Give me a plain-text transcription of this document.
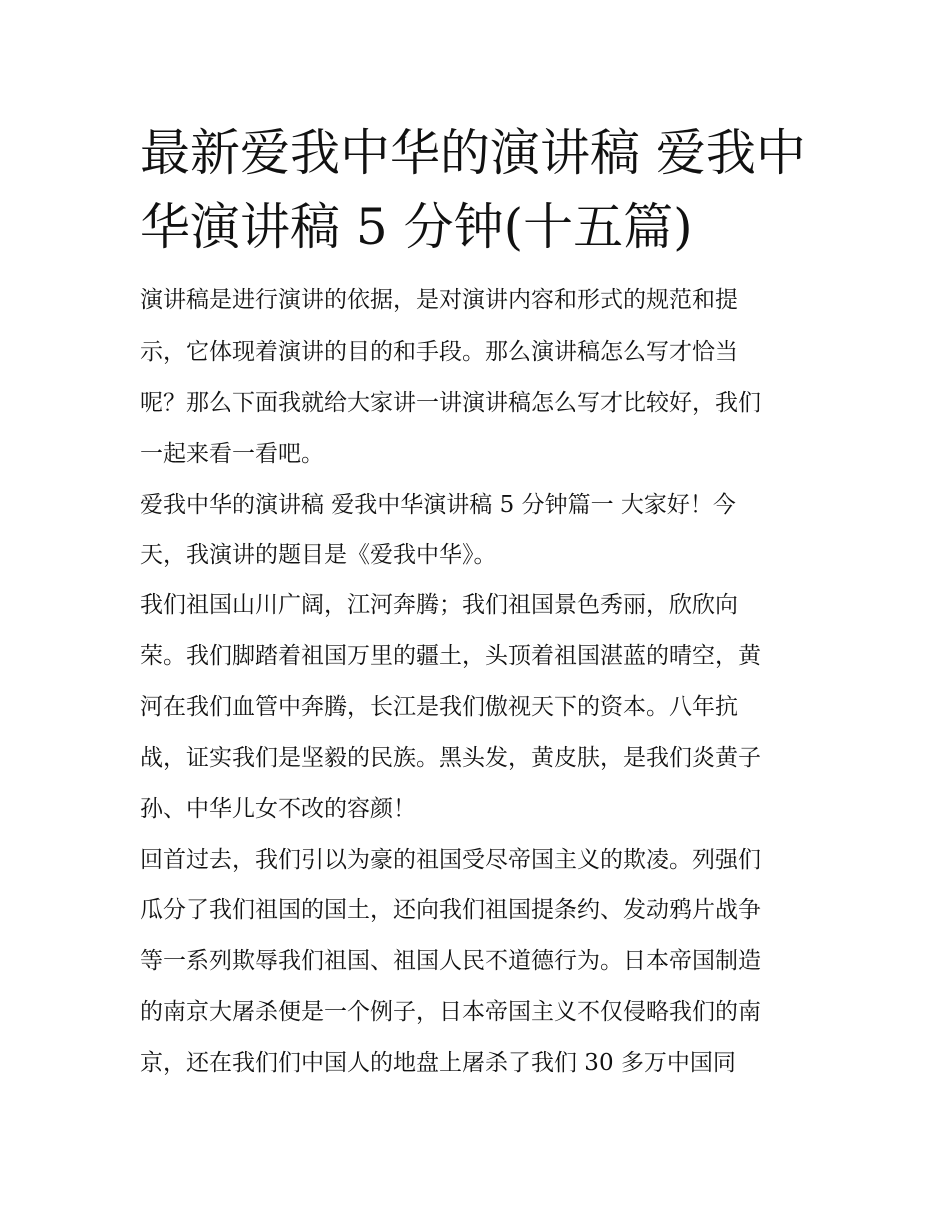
最新爱我中华的演讲稿 爱我中
华演讲稿 5 分钟(十五篇)

演讲稿是进行演讲的依据，是对演讲内容和形式的规范和提

示，它体现着演讲的目的和手段。那么演讲稿怎么写才恰当

呢？那么下面我就给大家讲一讲演讲稿怎么写才比较好，我们

一起来看一看吧。

爱我中华的演讲稿 爱我中华演讲稿 5 分钟篇一 大家好！今

天，我演讲的题目是《爱我中华》。

我们祖国山川广阔，江河奔腾；我们祖国景色秀丽，欣欣向

荣。我们脚踏着祖国万里的疆土，头顶着祖国湛蓝的晴空，黄

河在我们血管中奔腾，长江是我们傲视天下的资本。八年抗

战，证实我们是坚毅的民族。黑头发，黄皮肤，是我们炎黄子

孙、中华儿女不改的容颜！

回首过去，我们引以为豪的祖国受尽帝国主义的欺凌。列强们

瓜分了我们祖国的国土，还向我们祖国提条约、发动鸦片战争

等一系列欺辱我们祖国、祖国人民不道德行为。日本帝国制造

的南京大屠杀便是一个例子，日本帝国主义不仅侵略我们的南

京，还在我们们中国人的地盘上屠杀了我们 30 多万中国同
